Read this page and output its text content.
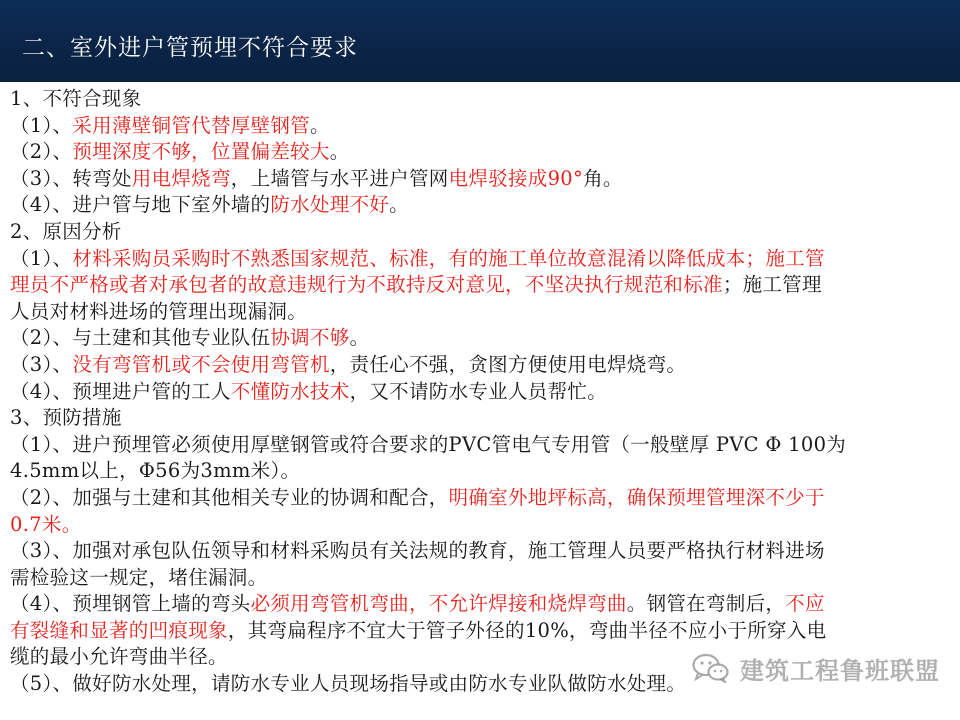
二、室外进户管预埋不符合要求
1、不符合现象
（1）、采用薄壁铜管代替厚壁钢管。
（2）、预埋深度不够，位置偏差较大。
（3）、转弯处用电焊烧弯，上墙管与水平进户管网电焊驳接成90°角。
（4）、进户管与地下室外墙的防水处理不好。
2、原因分析
（1）、材料采购员采购时不熟悉国家规范、标准，有的施工单位故意混淆以降低成本；施工管
理员不严格或者对承包者的故意违规行为不敢持反对意见，不坚决执行规范和标准；施工管理
人员对材料进场的管理出现漏洞。
（2）、与土建和其他专业队伍协调不够。
（3）、没有弯管机或不会使用弯管机，责任心不强，贪图方便使用电焊烧弯。
（4）、预埋进户管的工人不懂防水技术，又不请防水专业人员帮忙。
3、预防措施
（1）、进户预埋管必须使用厚壁钢管或符合要求的PVC管电气专用管（一般壁厚 PVC Φ 100为
4.5mm以上，Φ56为3mm米）。
（2）、加强与土建和其他相关专业的协调和配合，明确室外地坪标高，确保预埋管埋深不少于
0.7米。
（3）、加强对承包队伍领导和材料采购员有关法规的教育，施工管理人员要严格执行材料进场
需检验这一规定，堵住漏洞。
（4）、预埋钢管上墙的弯头必须用弯管机弯曲，不允许焊接和烧焊弯曲。钢管在弯制后，不应
有裂缝和显著的凹痕现象，其弯扁程序不宜大于管子外径的10%，弯曲半径不应小于所穿入电
缆的最小允许弯曲半径。
（5）、做好防水处理，请防水专业人员现场指导或由防水专业队做防水处理。	建筑工程鲁班联盟
